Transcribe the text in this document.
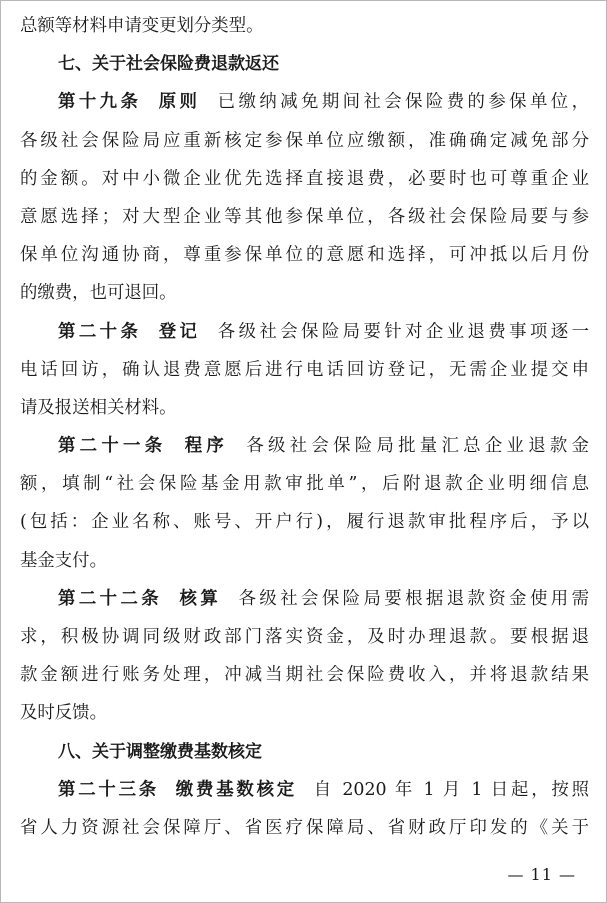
总额等材料申请变更划分类型。
七、关于社会保险费退款返还
第十九条 原则 已缴纳减免期间社会保险费的参保单位，
各级社会保险局应重新核定参保单位应缴额，准确确定减免部分
的金额。对中小微企业优先选择直接退费，必要时也可尊重企业
意愿选择；对大型企业等其他参保单位，各级社会保险局要与参
保单位沟通协商，尊重参保单位的意愿和选择，可冲抵以后月份
的缴费，也可退回。
第二十条 登记 各级社会保险局要针对企业退费事项逐一
电话回访，确认退费意愿后进行电话回访登记，无需企业提交申
请及报送相关材料。
第二十一条 程序 各级社会保险局批量汇总企业退款金
额，填制“社会保险基金用款审批单”，后附退款企业明细信息
(包括：企业名称、账号、开户行)，履行退款审批程序后，予以
基金支付。
第二十二条 核算 各级社会保险局要根据退款资金使用需
求，积极协调同级财政部门落实资金，及时办理退款。要根据退
款金额进行账务处理，冲减当期社会保险费收入，并将退款结果
及时反馈。
八、关于调整缴费基数核定
第二十三条 缴费基数核定 自 2020 年 1 月 1 日起，按照
省人力资源社会保障厅、省医疗保障局、省财政厅印发的《关于
— 11 —
